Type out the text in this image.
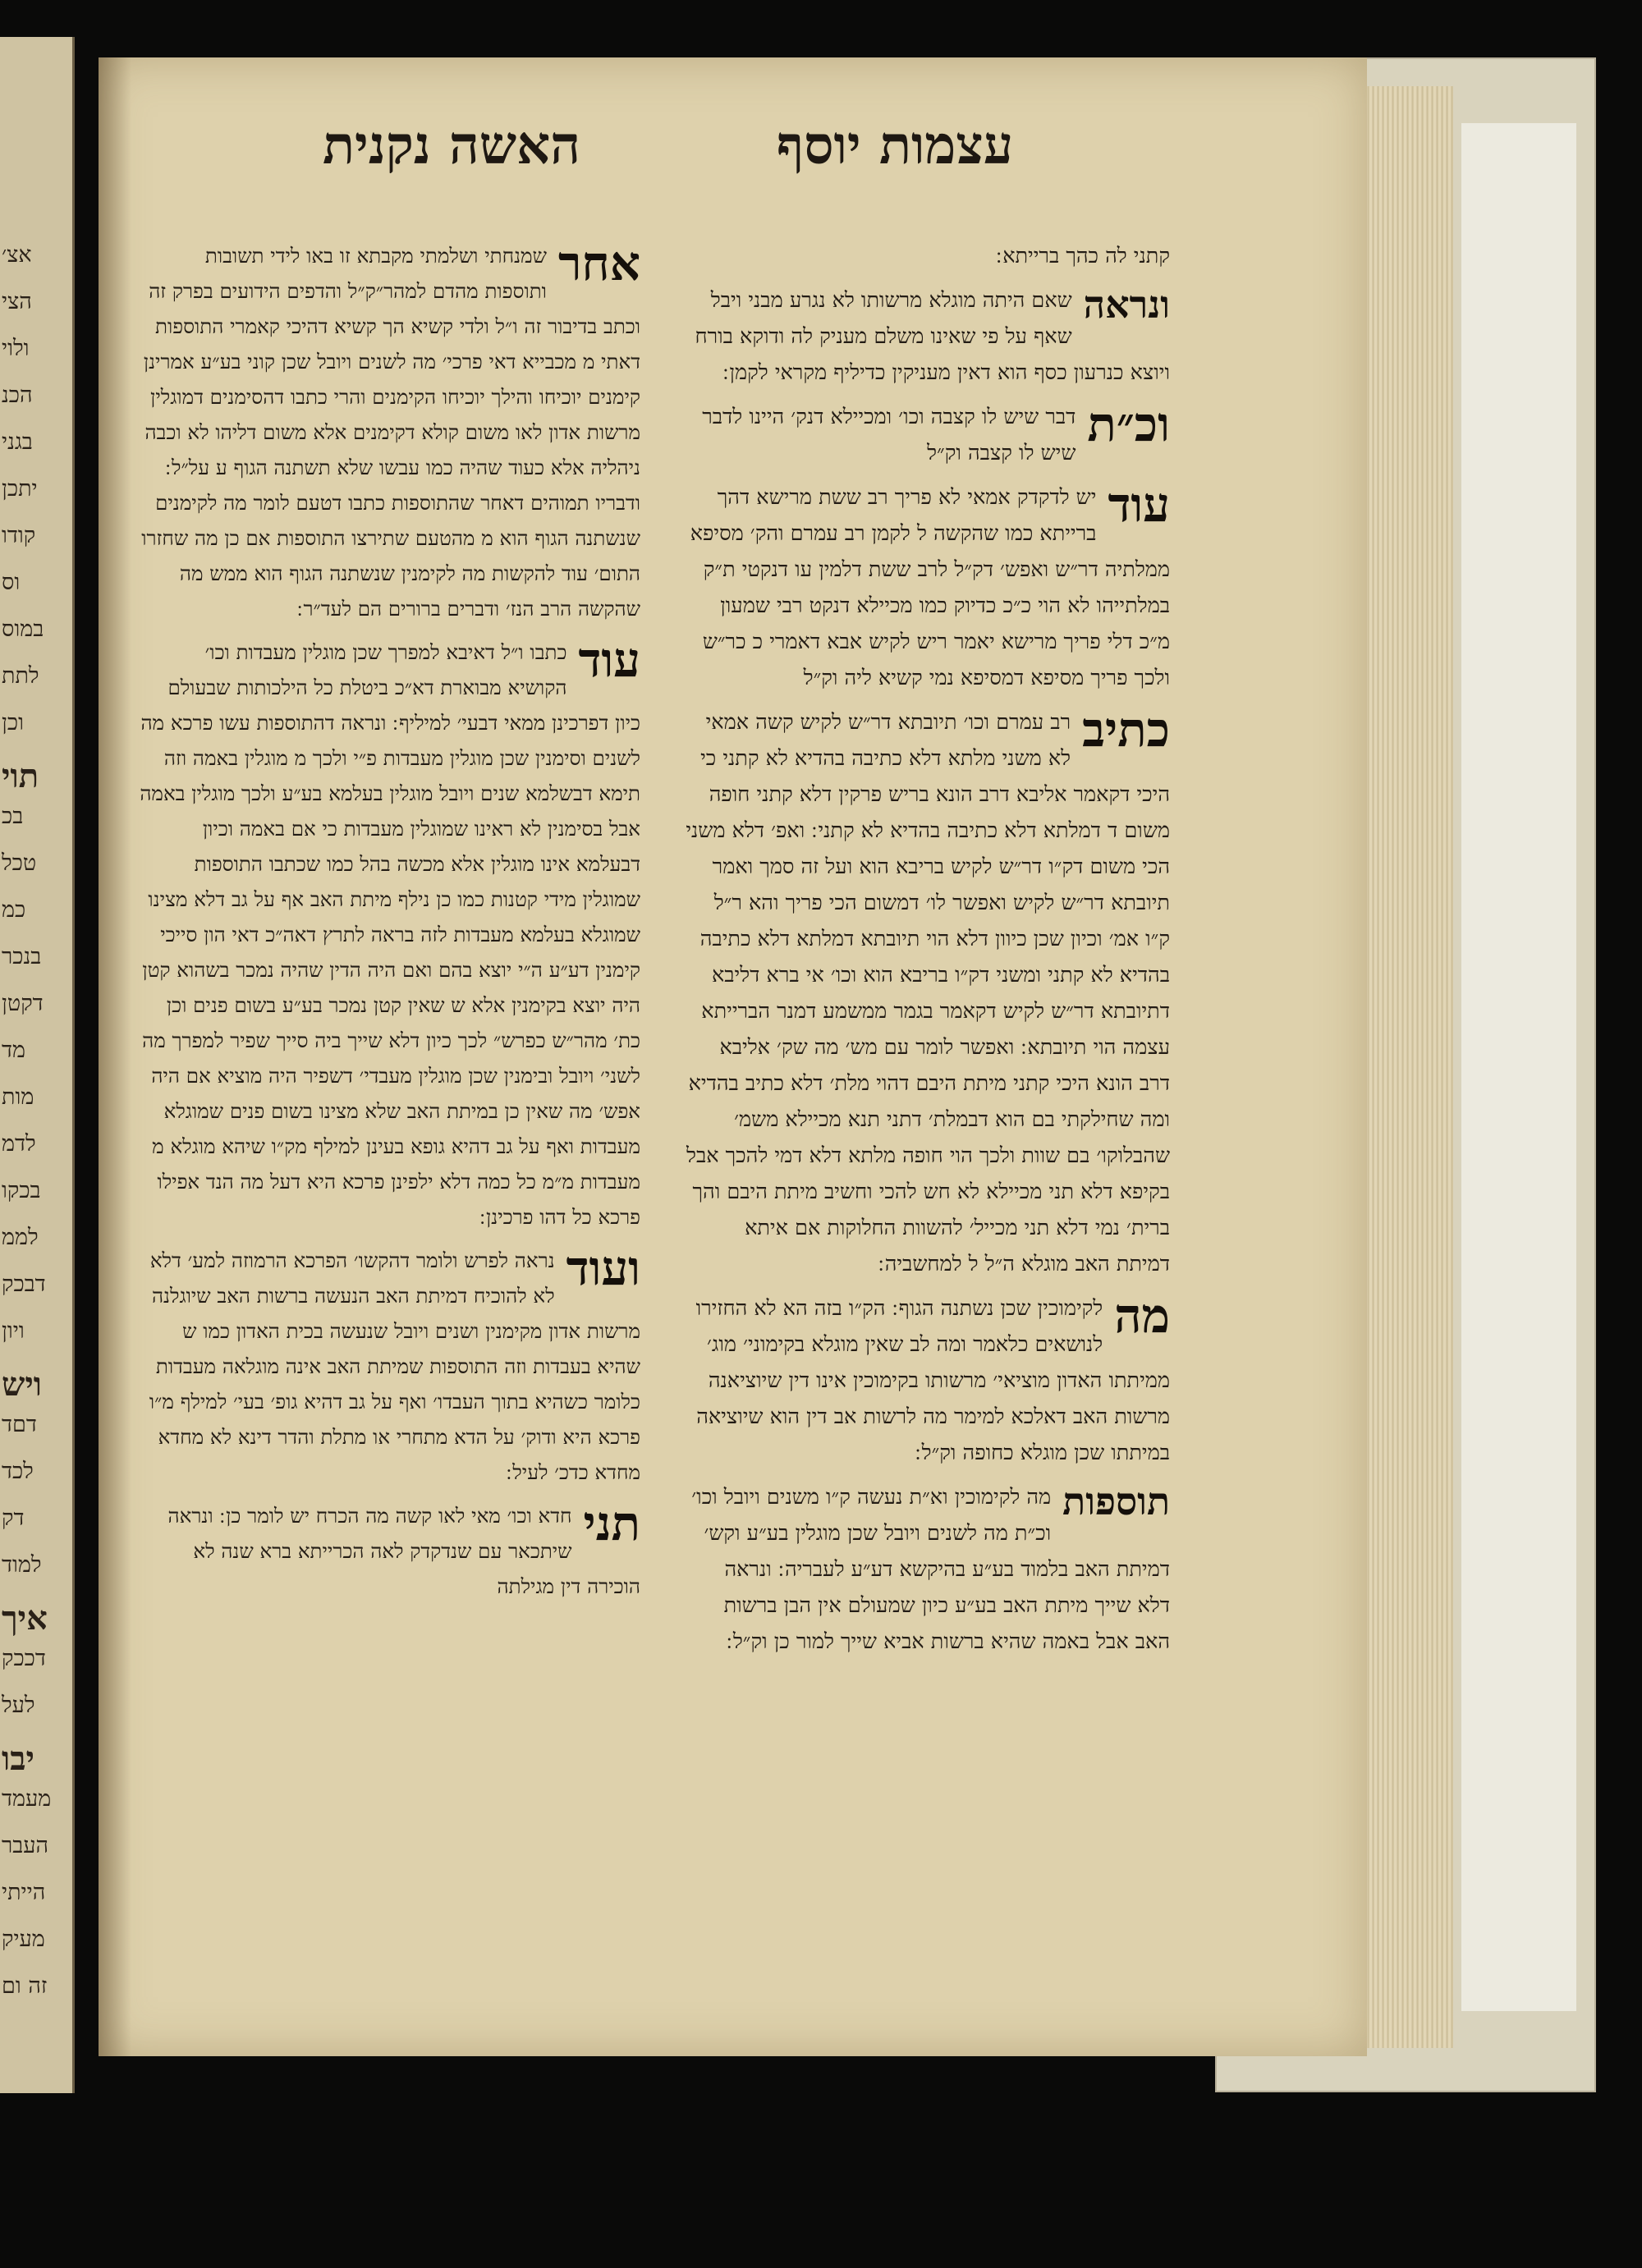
אצ׳
הצי
ולוי
הכנ
בגני
יתכן
קודו
וס
במוס
לתת
וכן
תוי
בכ
טכל
כמ
בנכר
דקטן
מד
מות
לדמ
בכקו
לממ
דבכק
ויון
ויש
דםד
לכד
דק
למוד
איך
דככק
לעל
יבו
מעמד
העבר
הייתי
מעיק
זה ום
עצמות יוסף
האשה נקנית
קתני לה כהך ברייתא ׃
ונראה
שאם היתה מוגלא מרשותו לא נגרע מבני ויבל שאף על פי שאינו משלם מעניק לה ודוקא בורח ויוצא כנרעון כסף הוא דאין מעניקין כדיליף מקראי לקמן ׃
וכ״ת
דבר שיש לו קצבה וכו׳ ומכיילא דנק׳ היינו לדבר שיש לו קצבה וק״ל
עוד
יש לדקדק אמאי לא פריך רב ששת מרישא דהך ברייתא כמו שהקשה ל לקמן רב עמרם והק׳ מסיפא ממלתיה דר״ש ואפש׳ דק״ל לרב ששת דלמין עו דנקטי ת״ק במלתייהו לא הוי כ״כ כדיוק כמו מכיילא דנקט רבי שמעון מ״כ דלי פריך מרישא יאמר ריש לקיש אבא דאמרי כ כר״ש ולכך פריך מסיפא דמסיפא נמי קשיא ליה וק״ל
כתיב
רב עמרם וכו׳ תיובתא דר״ש לקיש קשה אמאי לא משני מלתא דלא כתיבה בהדיא לא קתני כי היכי דקאמר אליבא דרב הונא בריש פרקין דלא קתני חופה משום ד דמלתא דלא כתיבה בהדיא לא קתני ׃ ואפ׳ דלא משני הכי משום דק״ו דר״ש לקיש בריבא הוא ועל זה סמך ואמר תיובתא דר״ש לקיש ואפשר לו׳ דמשום הכי פריך והא ר״ל ק״ו אמ׳ וכיון שכן כיוון דלא הוי תיובתא דמלתא דלא כתיבה בהדיא לא קתני ומשני דק״ו בריבא הוא וכו׳ אי ברא דליבא דתיובתא דר״ש לקיש דקאמר בגמר ממשמע דמנר הברייתא עצמה הוי תיובתא ׃ ואפשר לומר עם מש׳ מה שק׳ אליבא דרב הונא היכי קתני מיתת היבם דהוי מלת׳ דלא כתיב בהדיא ומה שחילקתי בם הוא דבמלת׳ דתני תנא מכיילא משמ׳ שהבלוקו׳ בם שוות ולכך הוי חופה מלתא דלא דמי להכך אבל בקיפא דלא תני מכיילא לא חש להכי וחשיב מיתת היבם והך ברית׳ נמי דלא תני מכייל׳ להשוות החלוקות אם איתא דמיתת האב מוגלא ה״ל ל למחשביה ׃
מה
לקימוכין שכן נשתנה הגוף ׃ הק״ו בזה הא לא החזירו לנושאים כלאמר ומה לב שאין מוגלא בקימוני׳ מוג׳ ממיתתו האדון מוציאי׳ מרשותו בקימוכין אינו דין שיוציאנה מרשות האב דאלכא למימר מה לרשות אב דין הוא שיוציאה במיתתו שכן מוגלא כחופה וק״ל ׃
תוספות
מה לקימוכין וא״ת נעשה ק״ו משנים ויובל וכו׳ וכ״ת מה לשנים ויובל שכן מוגלין בע״ע וקש׳ דמיתת האב בלמוד בע״ע בהיקשא דע״ע לעבריה ׃ ונראה דלא שייך מיתת האב בע״ע כיון שמעולם אין הבן ברשות האב אבל באמה שהיא ברשות אביא שייך למור כן וק״ל ׃
אחר
שמנחתי ושלמתי מקבתא זו באו לידי תשובות ותוספות מהדם למהר״ק״ל והדפים הידועים בפרק זה וכתב בדיבור זה ו״ל ולדי קשיא הך קשיא דהיכי קאמרי התוספות דאתי מ מכבייא דאי פרכי׳ מה לשנים ויובל שכן קוני בע״ע אמרינן קימנים יוכיחו והילך יוכיחו הקימנים והרי כתבו דהסימנים דמוגלין מרשות אדון לאו משום קולא דקימנים אלא משום דליהו לא וכבה ניהליה אלא כעוד שהיה כמו עבשו שלא תשתנה הגוף ע על״ל ׃ ודבריו תמוהים דאחר שהתוספות כתבו דטעם לומר מה לקימנים שנשתנה הגוף הוא מ מהטעם שתירצו התוספות אם כן מה שחזרו התום׳ עוד להקשות מה לקימנין שנשתנה הגוף הוא ממש מה שהקשה הרב הנז׳ ודברים ברורים הם לעד״ר ׃
עוד
כתבו ו״ל דאיבא למפרך שכן מוגלין מעבדות וכו׳ הקושיא מבוארת דא״כ ביטלת כל הילכותות שבעולם כיון דפרכינן ממאי דבעי׳ למיליף ׃ ונראה דהתוספות עשו פרכא מה לשנים וסימנין שכן מוגלין מעבדות פ״י ולכך מ מוגלין באמה וזה תימא דבשלמא שנים ויובל מוגלין בעלמא בע״ע ולכך מוגלין באמה אבל בסימנין לא ראינו שמוגלין מעבדות כי אם באמה וכיון דבעלמא אינו מוגלין אלא מכשה בהל כמו שכתבו התוספות שמוגלין מידי קטנות כמו כן נילף מיתת האב אף על גב דלא מצינו שמוגלא בעלמא מעבדות לזה בראה לתרץ דאה״כ דאי הון סייכי קימנין דע״ע ה״י יוצא בהם ואם היה הדין שהיה נמכר בשהוא קטן היה יוצא בקימנין אלא ש שאין קטן נמכר בע״ע בשום פנים וכן כת׳ מהר״ש כפרש״ לכך כיון דלא שייך ביה סייך שפיר למפרך מה לשני׳ ויובל ובימנין שכן מוגלין מעבדי׳ דשפיר היה מוציא אם היה אפש׳ מה שאין כן במיתת האב שלא מצינו בשום פנים שמוגלא מעבדות ואף על גב דהיא גופא בעינן למילף מק״ו שיהא מוגלא מ מעבדות מ״מ כל כמה דלא ילפינן פרכא היא דעל מה הנד אפילו פרכא כל דהו פרכינן ׃
ועוד
נראה לפרש ולומר דהקשו׳ הפרכא הרמוזה למע׳ דלא לא להוכיח דמיתת האב הנעשה ברשות האב שיוגלנה מרשות אדון מקימנין ושנים ויובל שנעשה בכית האדון כמו ש שהיא בעבדות וזה התוספות שמיתת האב אינה מוגלאה מעבדות כלומר כשהיא בתוך העבדו׳ ואף על גב דהיא גופ׳ בעי׳ למילף מ״ו פרכא היא ודוק׳ על הדא מתחרי או מתלת והדר דינא לא מחדא מחדא כדכ׳ לעיל ׃
תני
חדא וכו׳ מאי לאו קשה מה הכרח יש לומר כן ׃ ונראה שיתכאר עם שנדקדק לאה הכרייתא ברא שנה לא הוכירה דין מגילתה
